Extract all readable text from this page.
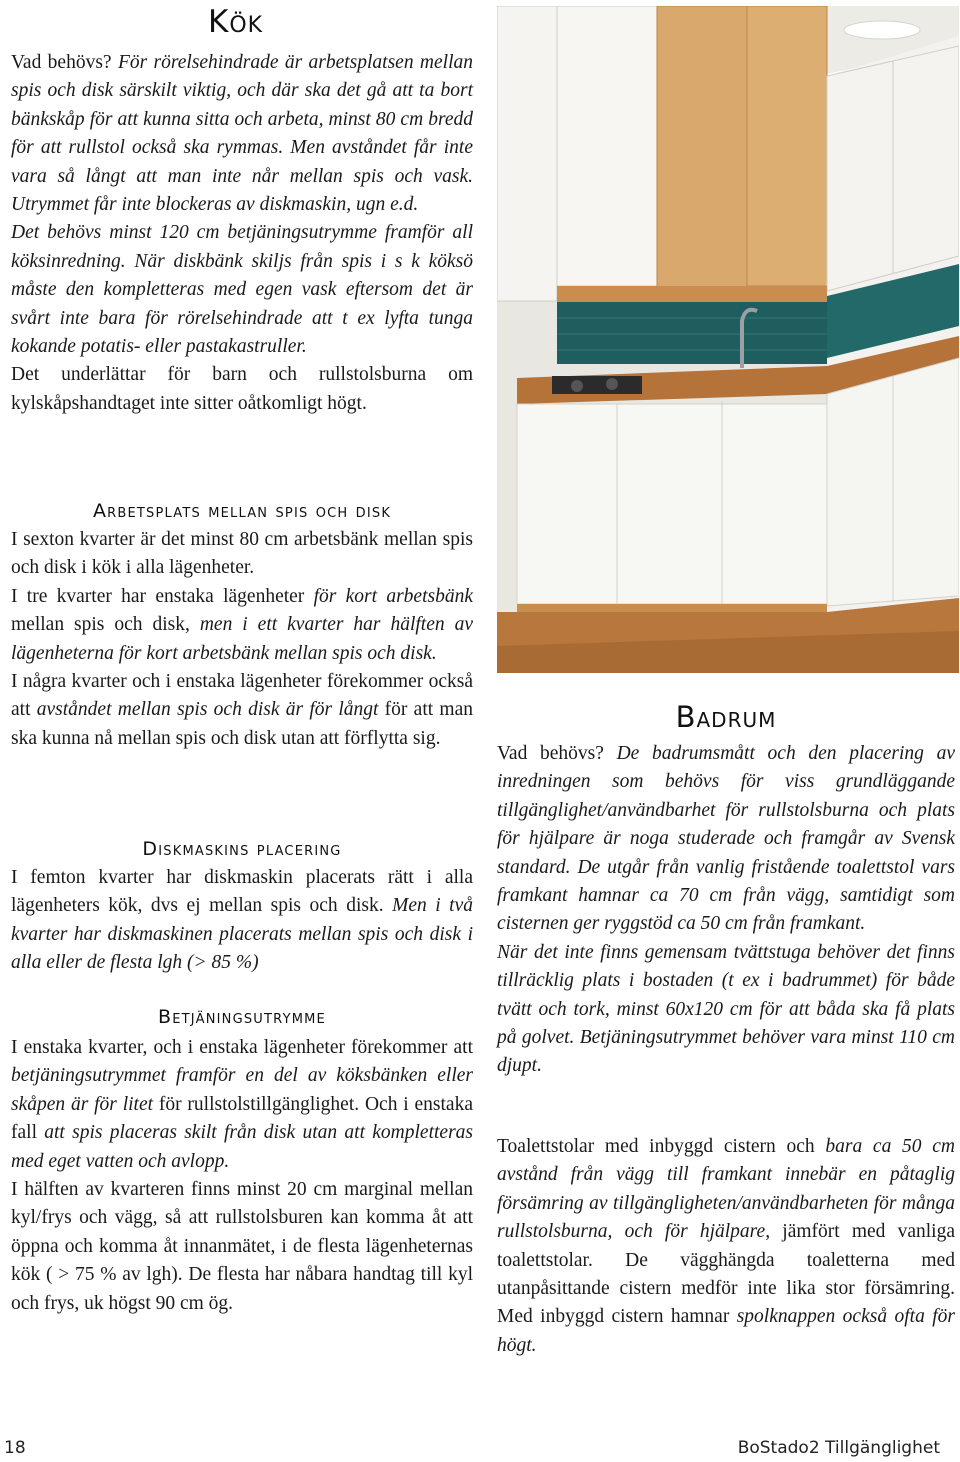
Kök

Vad behövs? För rörelsehindrade är arbetsplatsen mellan spis och disk särskilt viktig, och där ska det gå att ta bort bänkskåp för att kunna sitta och arbeta, minst 80 cm bredd för att rullstol också ska rymmas. Men avståndet får inte vara så långt att man inte når mellan spis och vask. Utrymmet får inte blockeras av diskmaskin, ugn e.d.

Det behövs minst 120 cm betjäningsutrymme framför all köksinredning. När diskbänk skiljs från spis i s k köksö måste den kompletteras med egen vask eftersom det är svårt inte bara för rörelsehindrade att t ex lyfta tunga kokande potatis- eller pastakastruller.

Det underlättar för barn och rullstolsburna om kylskåpshandtaget inte sitter oåtkomligt högt.

Arbetsplats mellan spis och disk

I sexton kvarter är det minst 80 cm arbetsbänk mellan spis och disk i kök i alla lägenheter.

I tre kvarter har enstaka lägenheter för kort arbetsbänk mellan spis och disk, men i ett kvarter har hälften av lägenheterna för kort arbetsbänk mellan spis och disk.

I några kvarter och i enstaka lägenheter förekommer också att avståndet mellan spis och disk är för långt för att man ska kunna nå mellan spis och disk utan att förflytta sig.

Diskmaskins placering

I femton kvarter har diskmaskin placerats rätt i alla lägenheters kök, dvs ej mellan spis och disk. Men i två kvarter har diskmaskinen placerats mellan spis och disk i alla eller de flesta lgh (> 85 %)

Betjäningsutrymme

I enstaka kvarter, och i enstaka lägenheter förekommer att betjäningsutrymmet framför en del av köksbänken eller skåpen är för litet för rullstolstillgänglighet. Och i enstaka fall att spis placeras skilt från disk utan att kompletteras med eget vatten och avlopp.

I hälften av kvarteren finns minst 20 cm marginal mellan kyl/frys och vägg, så att rullstolsburen kan komma åt att öppna och komma åt innanmätet, i de flesta lägenheternas kök ( > 75 % av lgh). De flesta har nåbara handtag till kyl och frys, uk högst 90 cm ög.

Badrum

Vad behövs? De badrumsmått och den placering av inredningen som behövs för viss grundläggande tillgänglighet/användbarhet för rullstolsburna och plats för hjälpare är noga studerade och framgår av Svensk standard. De utgår från vanlig fristående toalettstol vars framkant hamnar ca 70 cm från vägg, samtidigt som cisternen ger ryggstöd ca 50 cm från framkant.

När det inte finns gemensam tvättstuga behöver det finns tillräcklig plats i bostaden (t ex i badrummet) för både tvätt och tork, minst 60x120 cm för att båda ska få plats på golvet. Betjäningsutrymmet behöver vara minst 110 cm djupt.

Toalettstolar med inbyggd cistern och bara ca 50 cm avstånd från vägg till framkant innebär en påtaglig försämring av tillgängligheten/användbarheten för många rullstolsburna, och för hjälpare, jämfört med vanliga toalettstolar. De vägghängda toaletterna med utanpåsittande cistern medför inte lika stor försämring. Med inbyggd cistern hamnar spolknappen också ofta för högt.

18	BoStado2 Tillgänglighet
